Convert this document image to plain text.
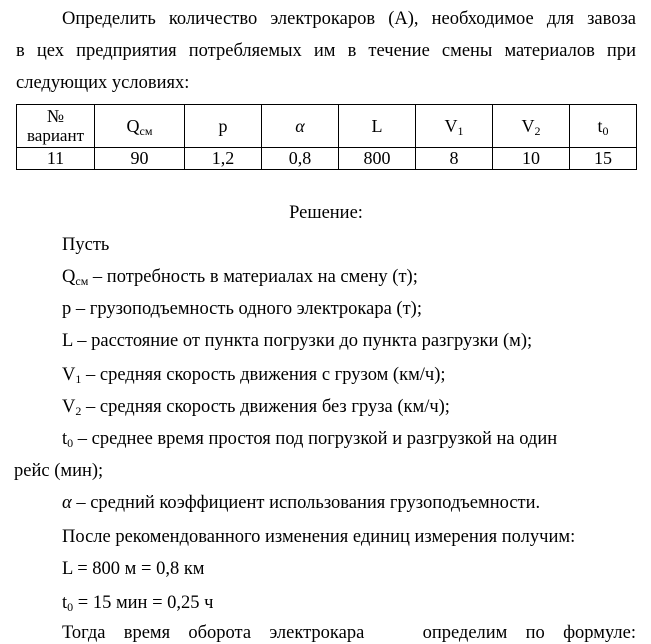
Определить количество электрокаров (А), необходимое для завоза
в цех предприятия потребляемых им в течение смены материалов при
следующих условиях:
№
вариант	$Q_{см}$	p	α	L	$V_1$	$V_2$	$t_0$
11	90	1,2	0,8	800	8	10	15
Решение:
Пусть
$Q_{см}$ – потребность в материалах на смену (т);
р – грузоподъемность одного электрокара (т);
L – расстояние от пункта погрузки до пункта разгрузки (м);
$V_1$ – средняя скорость движения с грузом (км/ч);
$V_2$ – средняя скорость движения без груза (км/ч);
$t_0$ – среднее время простоя под погрузкой и разгрузкой на один
рейс (мин);
α – средний коэффициент использования грузоподъемности.
После рекомендованного изменения единиц измерения получим:
L = 800 м = 0,8 км
$t_0 = 15$ мин = 0,25 ч
Тогда время оборота электрокара	определим по формуле:
